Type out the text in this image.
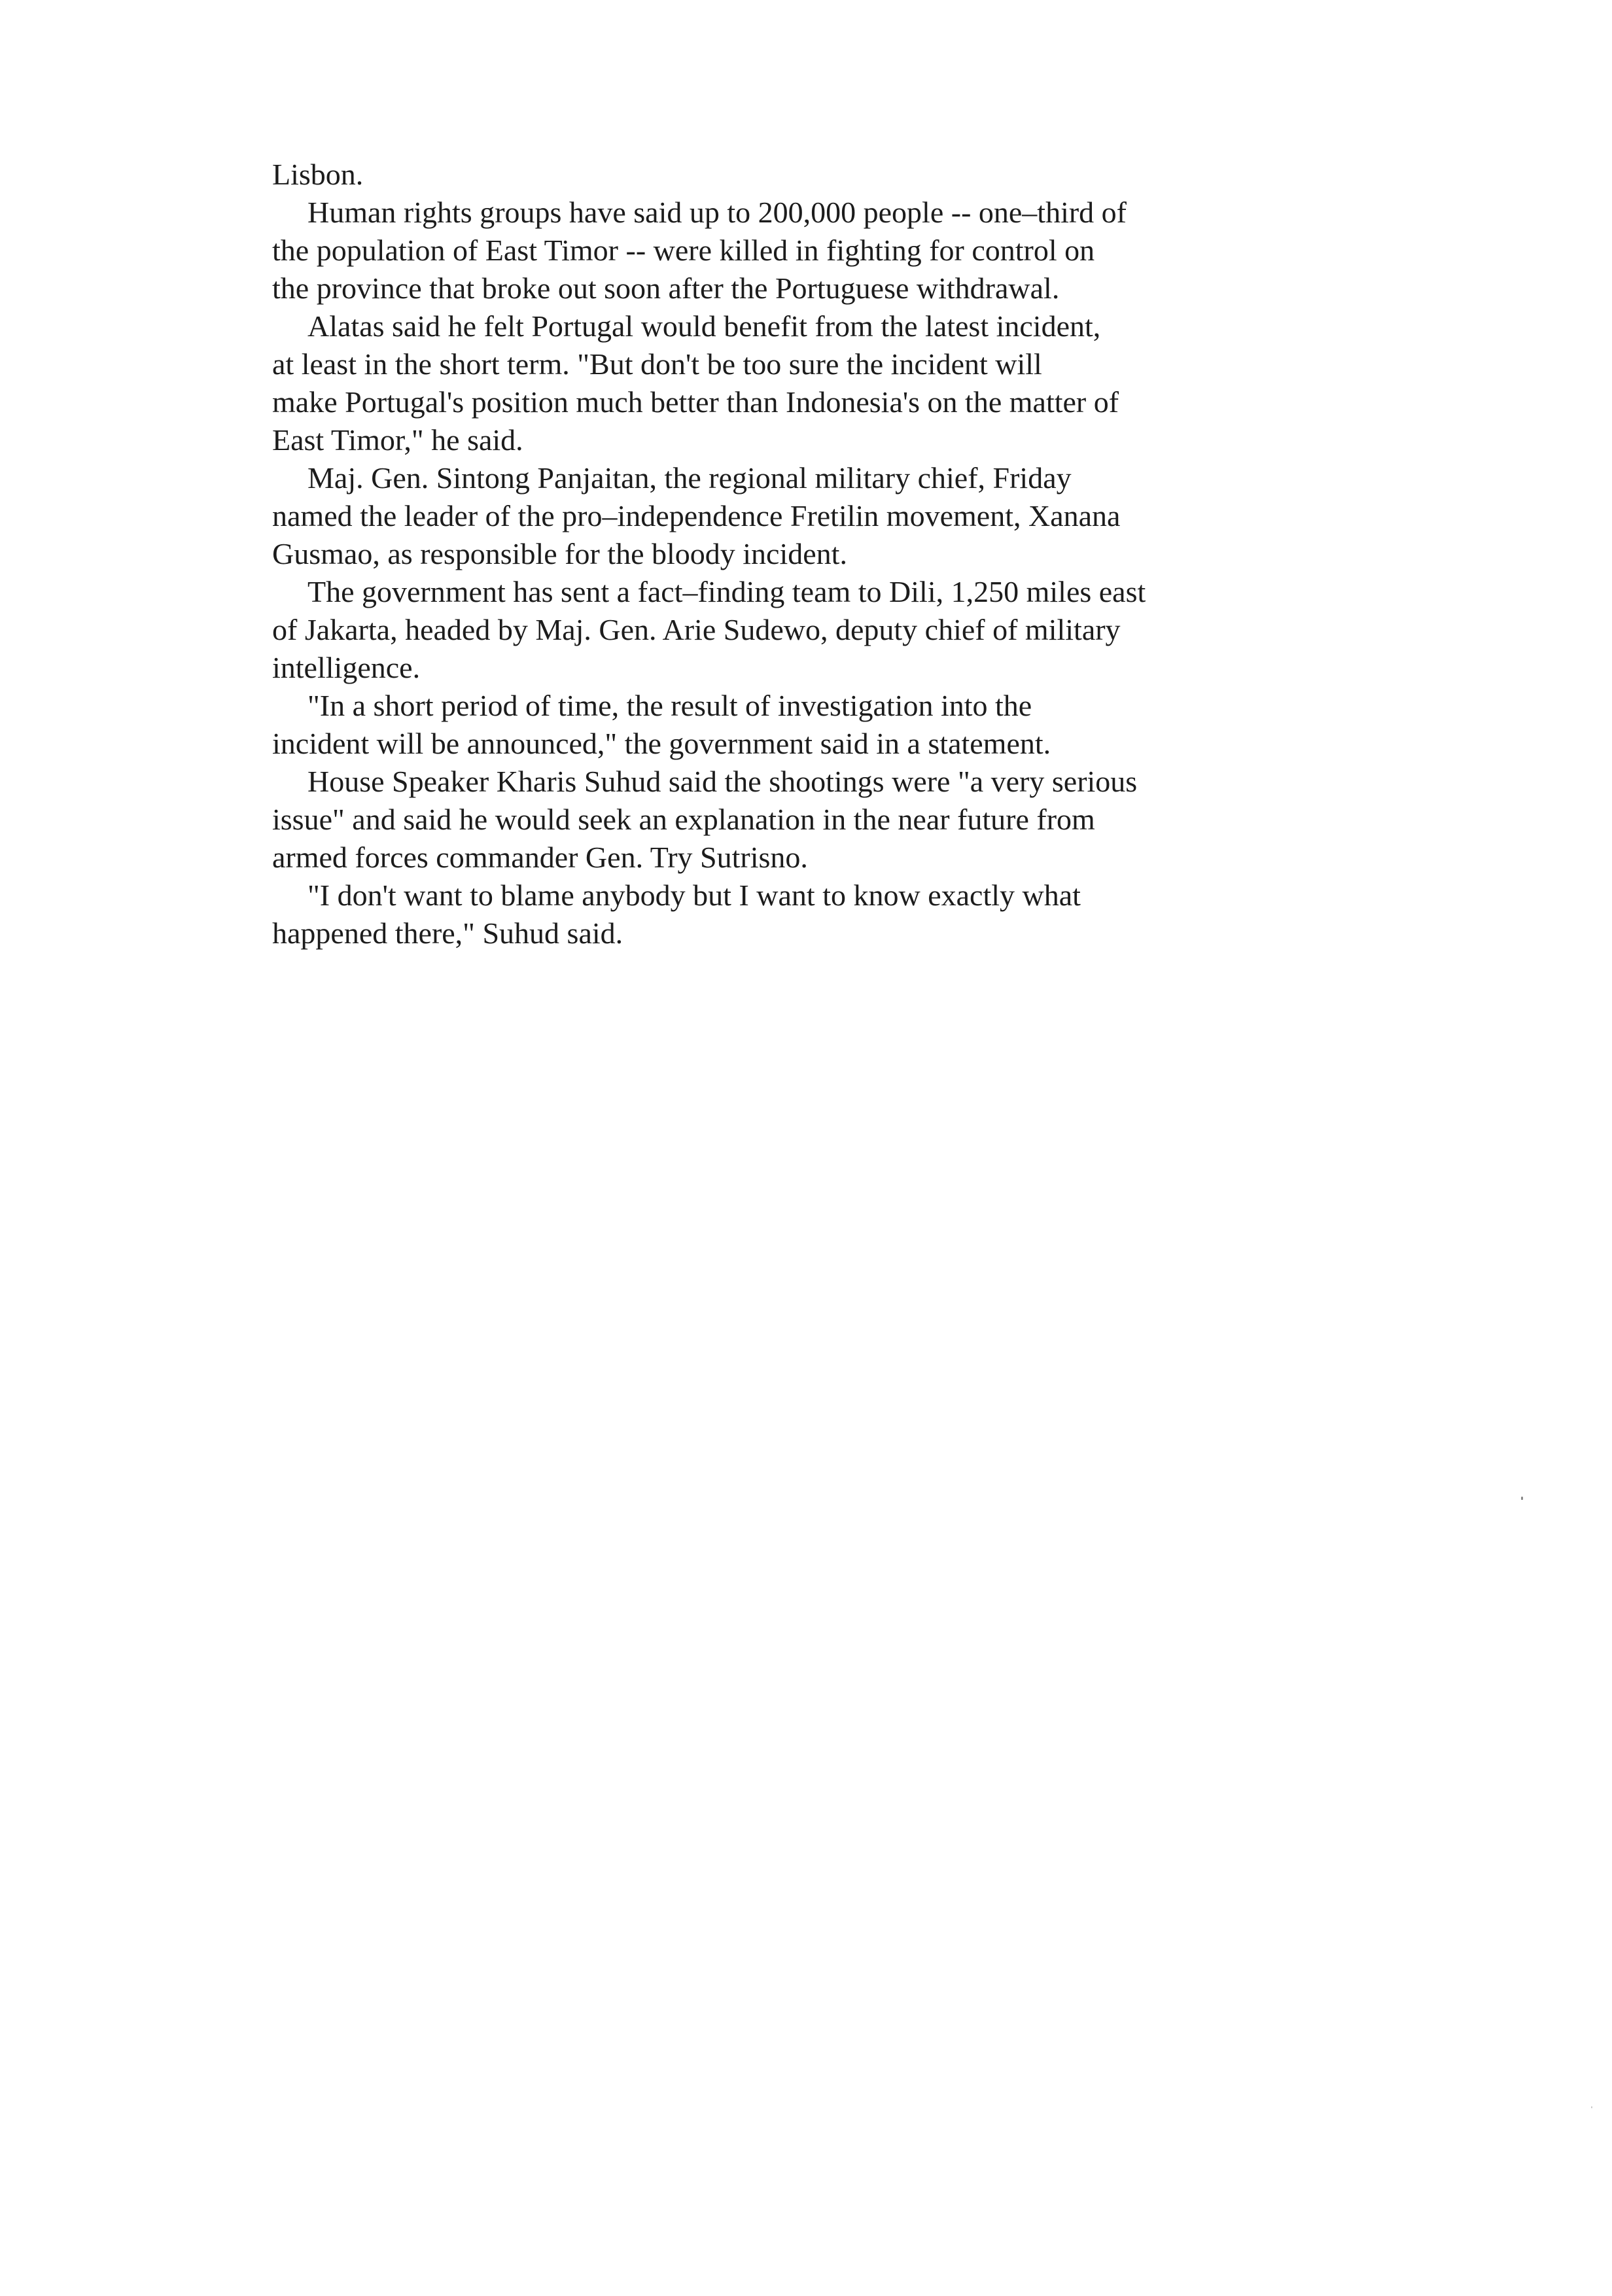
Lisbon.
Human rights groups have said up to 200,000 people -- one–third of
the population of East Timor -- were killed in fighting for control on
the province that broke out soon after the Portuguese withdrawal.
Alatas said he felt Portugal would benefit from the latest incident,
at least in the short term. "But don't be too sure the incident will
make Portugal's position much better than Indonesia's on the matter of
East Timor," he said.
Maj. Gen. Sintong Panjaitan, the regional military chief, Friday
named the leader of the pro–independence Fretilin movement, Xanana
Gusmao, as responsible for the bloody incident.
The government has sent a fact–finding team to Dili, 1,250 miles east
of Jakarta, headed by Maj. Gen. Arie Sudewo, deputy chief of military
intelligence.
"In a short period of time, the result of investigation into the
incident will be announced," the government said in a statement.
House Speaker Kharis Suhud said the shootings were "a very serious
issue" and said he would seek an explanation in the near future from
armed forces commander Gen. Try Sutrisno.
"I don't want to blame anybody but I want to know exactly what
happened there," Suhud said.
